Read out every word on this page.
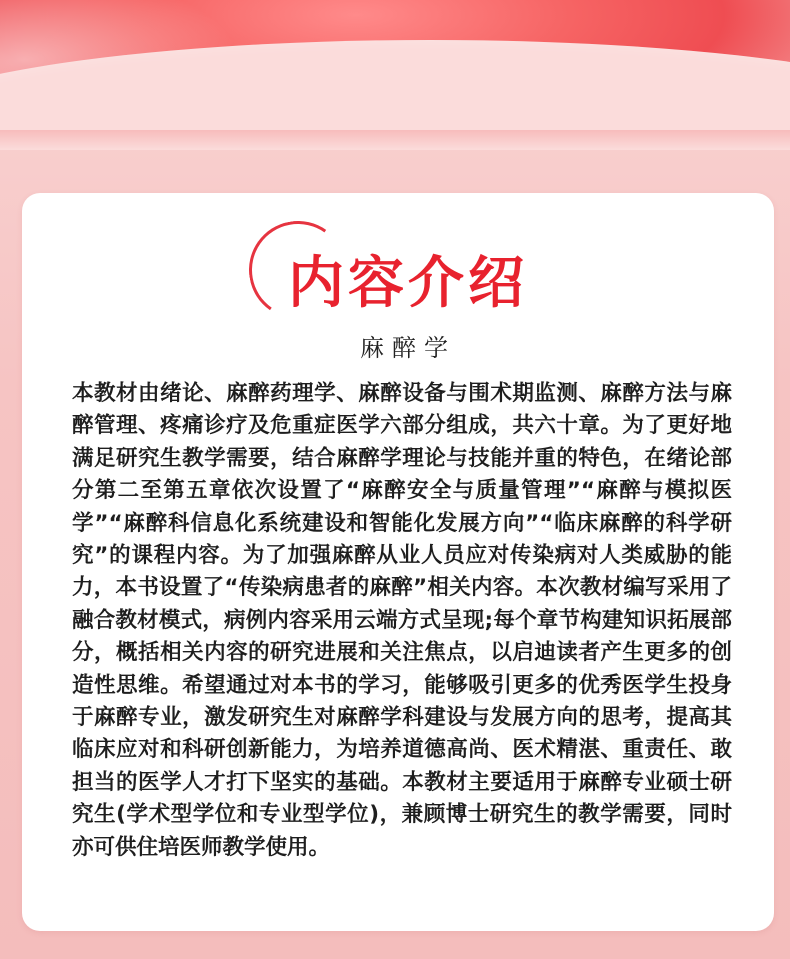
内容介绍
麻醉学

本教材由绪论、麻醉药理学、麻醉设备与围术期监测、麻醉方法与麻醉管理、疼痛诊疗及危重症医学六部分组成，共六十章。为了更好地满足研究生教学需要，结合麻醉学理论与技能并重的特色，在绪论部分第二至第五章依次设置了“麻醉安全与质量管理”“麻醉与模拟医学”“麻醉科信息化系统建设和智能化发展方向”“临床麻醉的科学研究”的课程内容。为了加强麻醉从业人员应对传染病对人类威胁的能力，本书设置了“传染病患者的麻醉”相关内容。本次教材编写采用了融合教材模式，病例内容采用云端方式呈现;每个章节构建知识拓展部分，概括相关内容的研究进展和关注焦点，以启迪读者产生更多的创造性思维。希望通过对本书的学习，能够吸引更多的优秀医学生投身于麻醉专业，激发研究生对麻醉学科建设与发展方向的思考，提高其临床应对和科研创新能力，为培养道德高尚、医术精湛、重责任、敢担当的医学人才打下坚实的基础。本教材主要适用于麻醉专业硕士研究生(学术型学位和专业型学位)，兼顾博士研究生的教学需要，同时亦可供住培医师教学使用。
